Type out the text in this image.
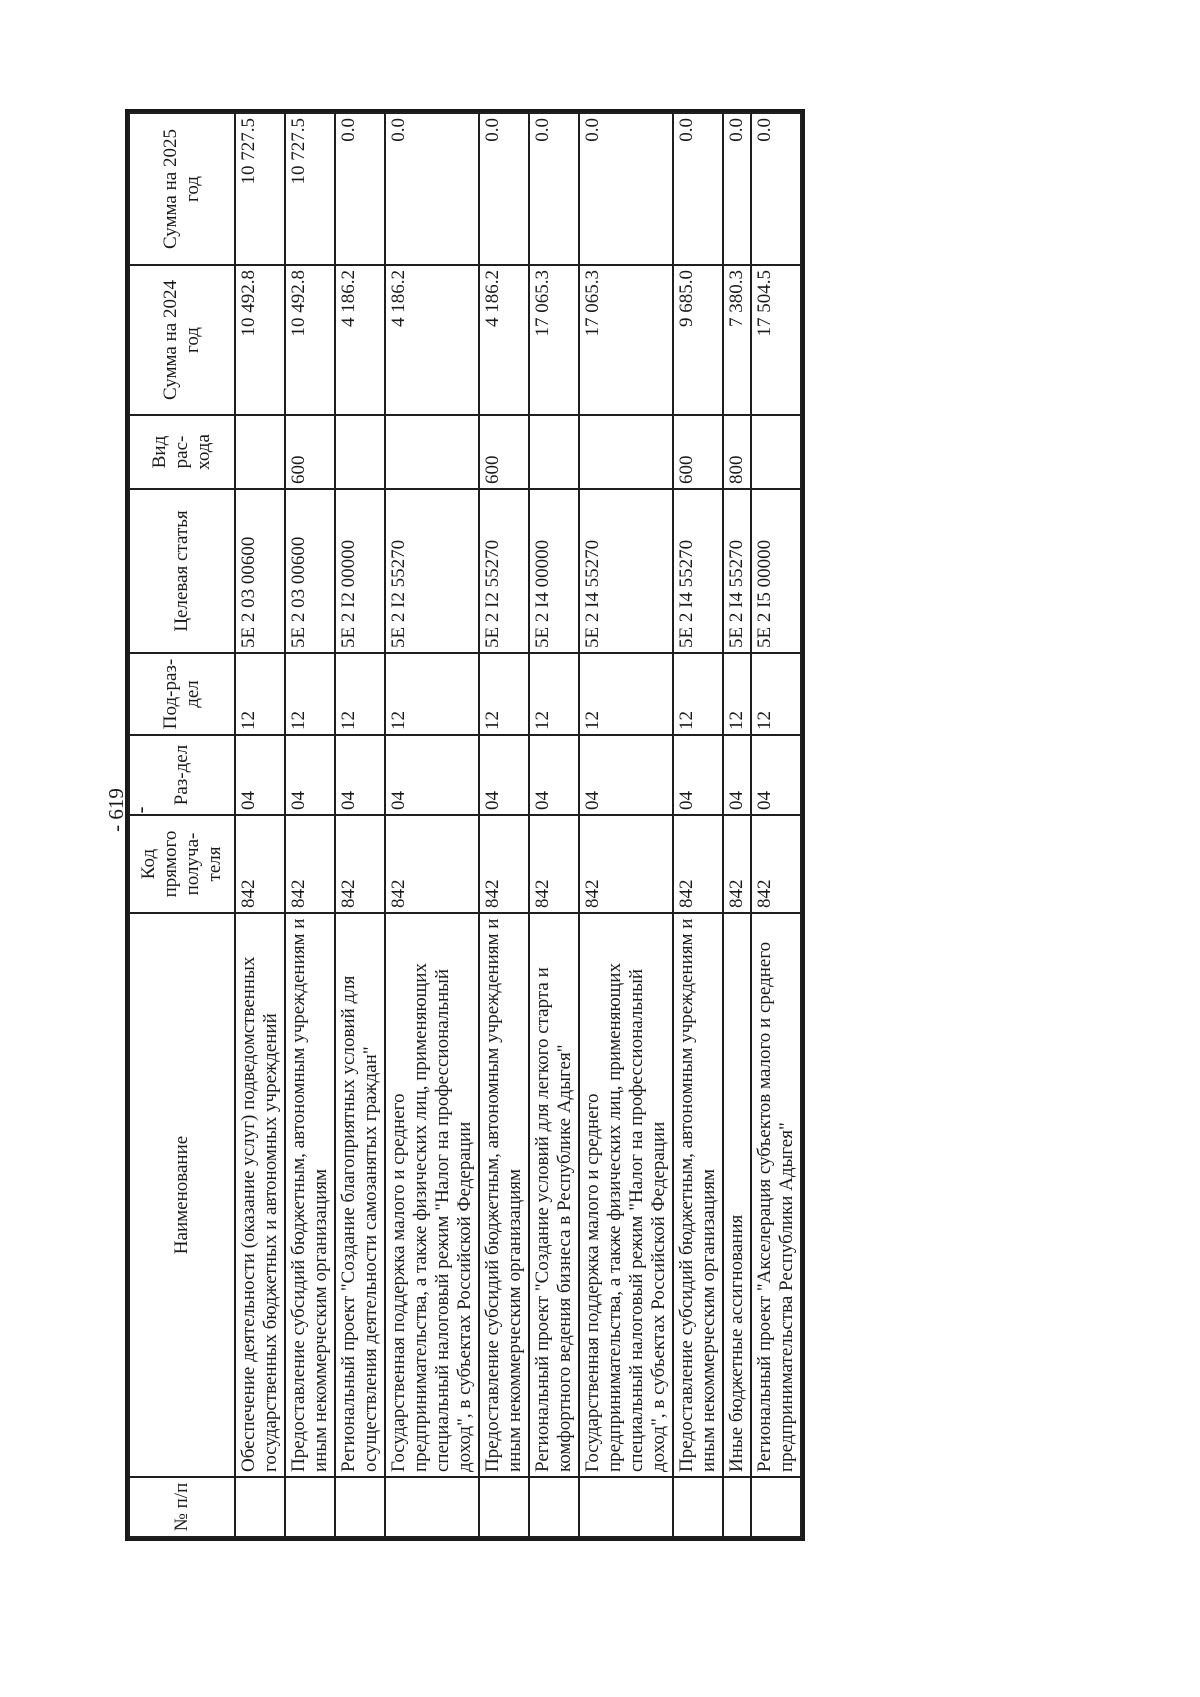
- 619 -
№ п/п	Наименование	Код прямого получа-теля	Раз-дел	Под-раз-дел	Целевая статья	Вид рас-хода	Сумма на 2024 год	Сумма на 2025 год
	Обеспечение деятельности (оказание услуг) подведомственных государственных бюджетных и автономных учреждений	842	04	12	5Е 2 03 00600		10 492.8	10 727.5
	Предоставление субсидий бюджетным, автономным учреждениям и иным некоммерческим организациям	842	04	12	5Е 2 03 00600	600	10 492.8	10 727.5
	Региональный проект "Создание благоприятных условий для осуществления деятельности самозанятых граждан"	842	04	12	5Е 2 I2 00000		4 186.2	0.0
	Государственная поддержка малого и среднего предпринимательства, а также физических лиц, применяющих специальный налоговый режим "Налог на профессиональный доход", в субъектах Российской Федерации	842	04	12	5Е 2 I2 55270		4 186.2	0.0
	Предоставление субсидий бюджетным, автономным учреждениям и иным некоммерческим организациям	842	04	12	5Е 2 I2 55270	600	4 186.2	0.0
	Региональный проект "Создание условий для легкого старта и комфортного ведения бизнеса в Республике Адыгея"	842	04	12	5Е 2 I4 00000		17 065.3	0.0
	Государственная поддержка малого и среднего предпринимательства, а также физических лиц, применяющих специальный налоговый режим "Налог на профессиональный доход", в субъектах Российской Федерации	842	04	12	5Е 2 I4 55270		17 065.3	0.0
	Предоставление субсидий бюджетным, автономным учреждениям и иным некоммерческим организациям	842	04	12	5Е 2 I4 55270	600	9 685.0	0.0
	Иные бюджетные ассигнования	842	04	12	5Е 2 I4 55270	800	7 380.3	0.0
	Региональный проект "Акселерация субъектов малого и среднего предпринимательства Республики Адыгея"	842	04	12	5Е 2 I5 00000		17 504.5	0.0
